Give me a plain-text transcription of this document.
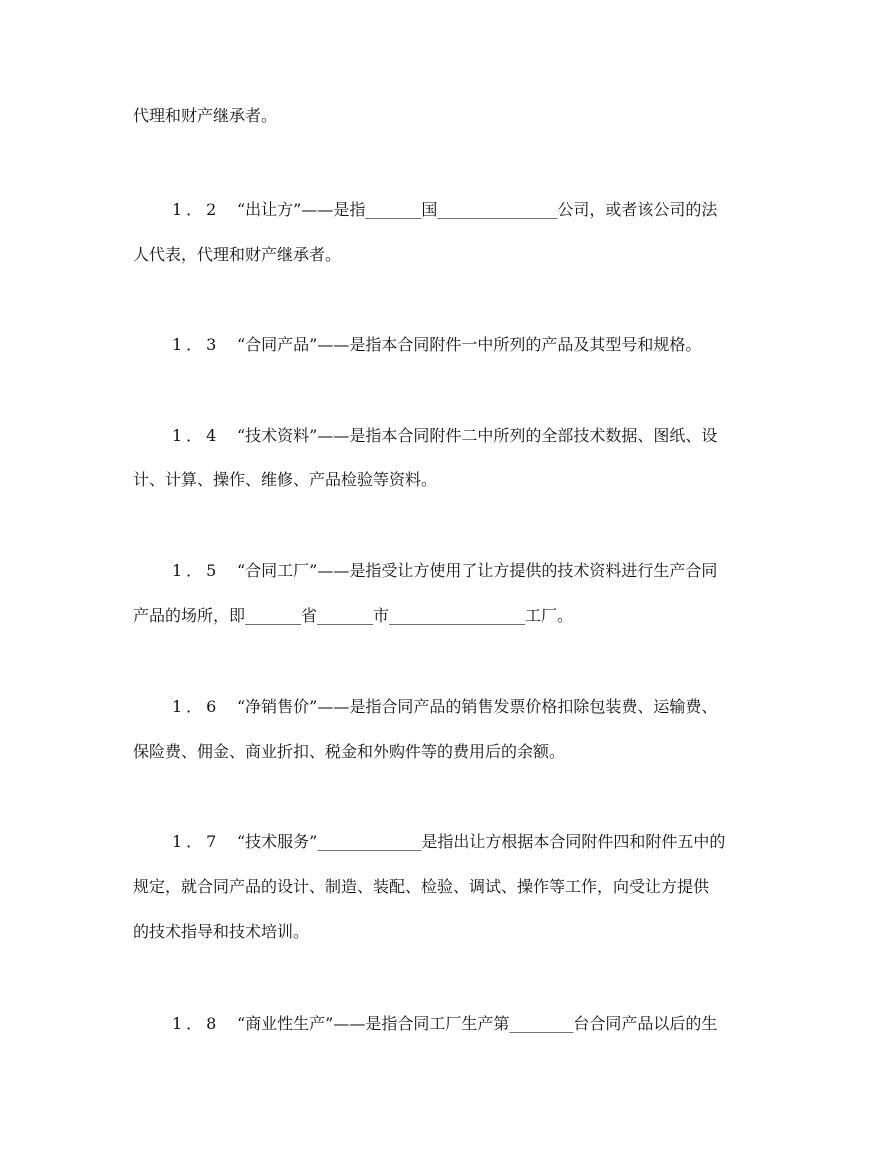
代理和财产继承者。
1．2 “出让方”——是指_______国_______________公司，或者该公司的法
人代表，代理和财产继承者。
1．3 “合同产品”——是指本合同附件一中所列的产品及其型号和规格。
1．4 “技术资料”——是指本合同附件二中所列的全部技术数据、图纸、设
计、计算、操作、维修、产品检验等资料。
1．5 “合同工厂”——是指受让方使用了让方提供的技术资料进行生产合同
产品的场所，即_______省_______市_________________工厂。
1．6 “净销售价”——是指合同产品的销售发票价格扣除包装费、运输费、
保险费、佣金、商业折扣、税金和外购件等的费用后的余额。
1．7 “技术服务”_____________是指出让方根据本合同附件四和附件五中的
规定，就合同产品的设计、制造、装配、检验、调试、操作等工作，向受让方提供
的技术指导和技术培训。
1．8 “商业性生产”——是指合同工厂生产第________台合同产品以后的生
